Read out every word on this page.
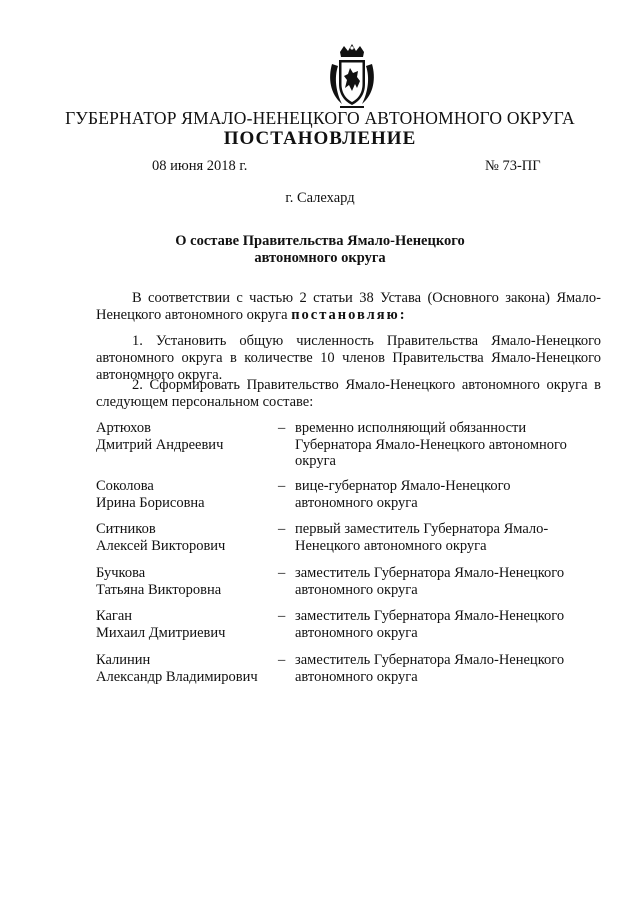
ГУБЕРНАТОР ЯМАЛО-НЕНЕЦКОГО АВТОНОМНОГО ОКРУГА
ПОСТАНОВЛЕНИЕ
08 июня 2018 г.	№ 73-ПГ
г. Салехард
О составе Правительства Ямало-Ненецкого
автономного округа
В соответствии с частью 2 статьи 38 Устава (Основного закона) Ямало-
Ненецкого автономного округа постановляю:
1. Установить общую численность Правительства Ямало-Ненецкого
автономного округа в количестве 10 членов Правительства Ямало-Ненецкого
автономного округа.
2. Сформировать Правительство Ямало-Ненецкого автономного округа в
следующем персональном составе:
Артюхов
Дмитрий Андреевич
– временно исполняющий обязанности
Губернатора Ямало-Ненецкого автономного
округа
Соколова
Ирина Борисовна
– вице-губернатор Ямало-Ненецкого
автономного округа
Ситников
Алексей Викторович
– первый заместитель Губернатора Ямало-
Ненецкого автономного округа
Бучкова
Татьяна Викторовна
– заместитель Губернатора Ямало-Ненецкого
автономного округа
Каган
Михаил Дмитриевич
– заместитель Губернатора Ямало-Ненецкого
автономного округа
Калинин
Александр Владимирович
– заместитель Губернатора Ямало-Ненецкого
автономного округа
